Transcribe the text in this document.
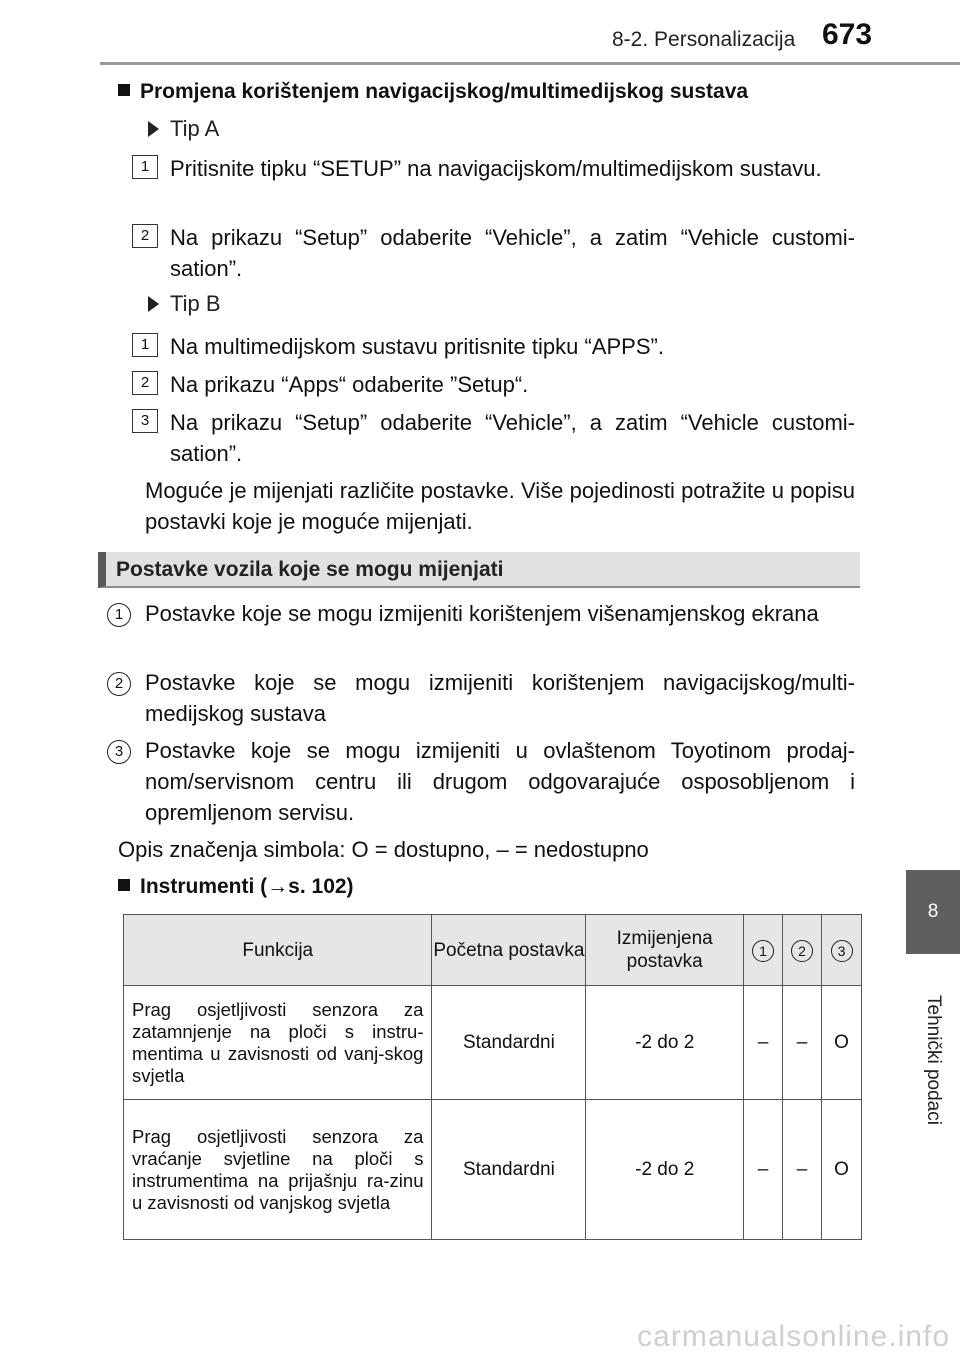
8-2. Personalizacija 673
8
Tehnički podaci
Promjena korištenjem navigacijskog/multimedijskog sustava
Tip A
1 Pritisnite tipku “SETUP” na navigacijskom/multimedijskom sustavu.
2 Na prikazu “Setup” odaberite “Vehicle”, a zatim “Vehicle customi-sation”.
Tip B
1 Na multimedijskom sustavu pritisnite tipku “APPS”.
2 Na prikazu “Apps“ odaberite ”Setup“.
3 Na prikazu “Setup” odaberite “Vehicle”, a zatim “Vehicle customi-sation”.
Moguće je mijenjati različite postavke. Više pojedinosti potražite u popisu postavki koje je moguće mijenjati.
Postavke vozila koje se mogu mijenjati
1 Postavke koje se mogu izmijeniti korištenjem višenamjenskog ekrana
2 Postavke koje se mogu izmijeniti korištenjem navigacijskog/multi-medijskog sustava
3 Postavke koje se mogu izmijeniti u ovlaštenom Toyotinom prodaj-nom/servisnom centru ili drugom odgovarajuće osposobljenom i opremljenom servisu.
Opis značenja simbola: O = dostupno, – = nedostupno
Instrumenti (→s. 102)
Funkcija	Početna postavka	Izmijenjena postavka	1	2	3
Prag osjetljivosti senzora za zatamnjenje na ploči s instru-mentima u zavisnosti od vanj-skog svjetla	Standardni	-2 do 2	–	–	O
Prag osjetljivosti senzora za vraćanje svjetline na ploči s instrumentima na prijašnju ra-zinu u zavisnosti od vanjskog svjetla	Standardni	-2 do 2	–	–	O
carmanualsonline.info
